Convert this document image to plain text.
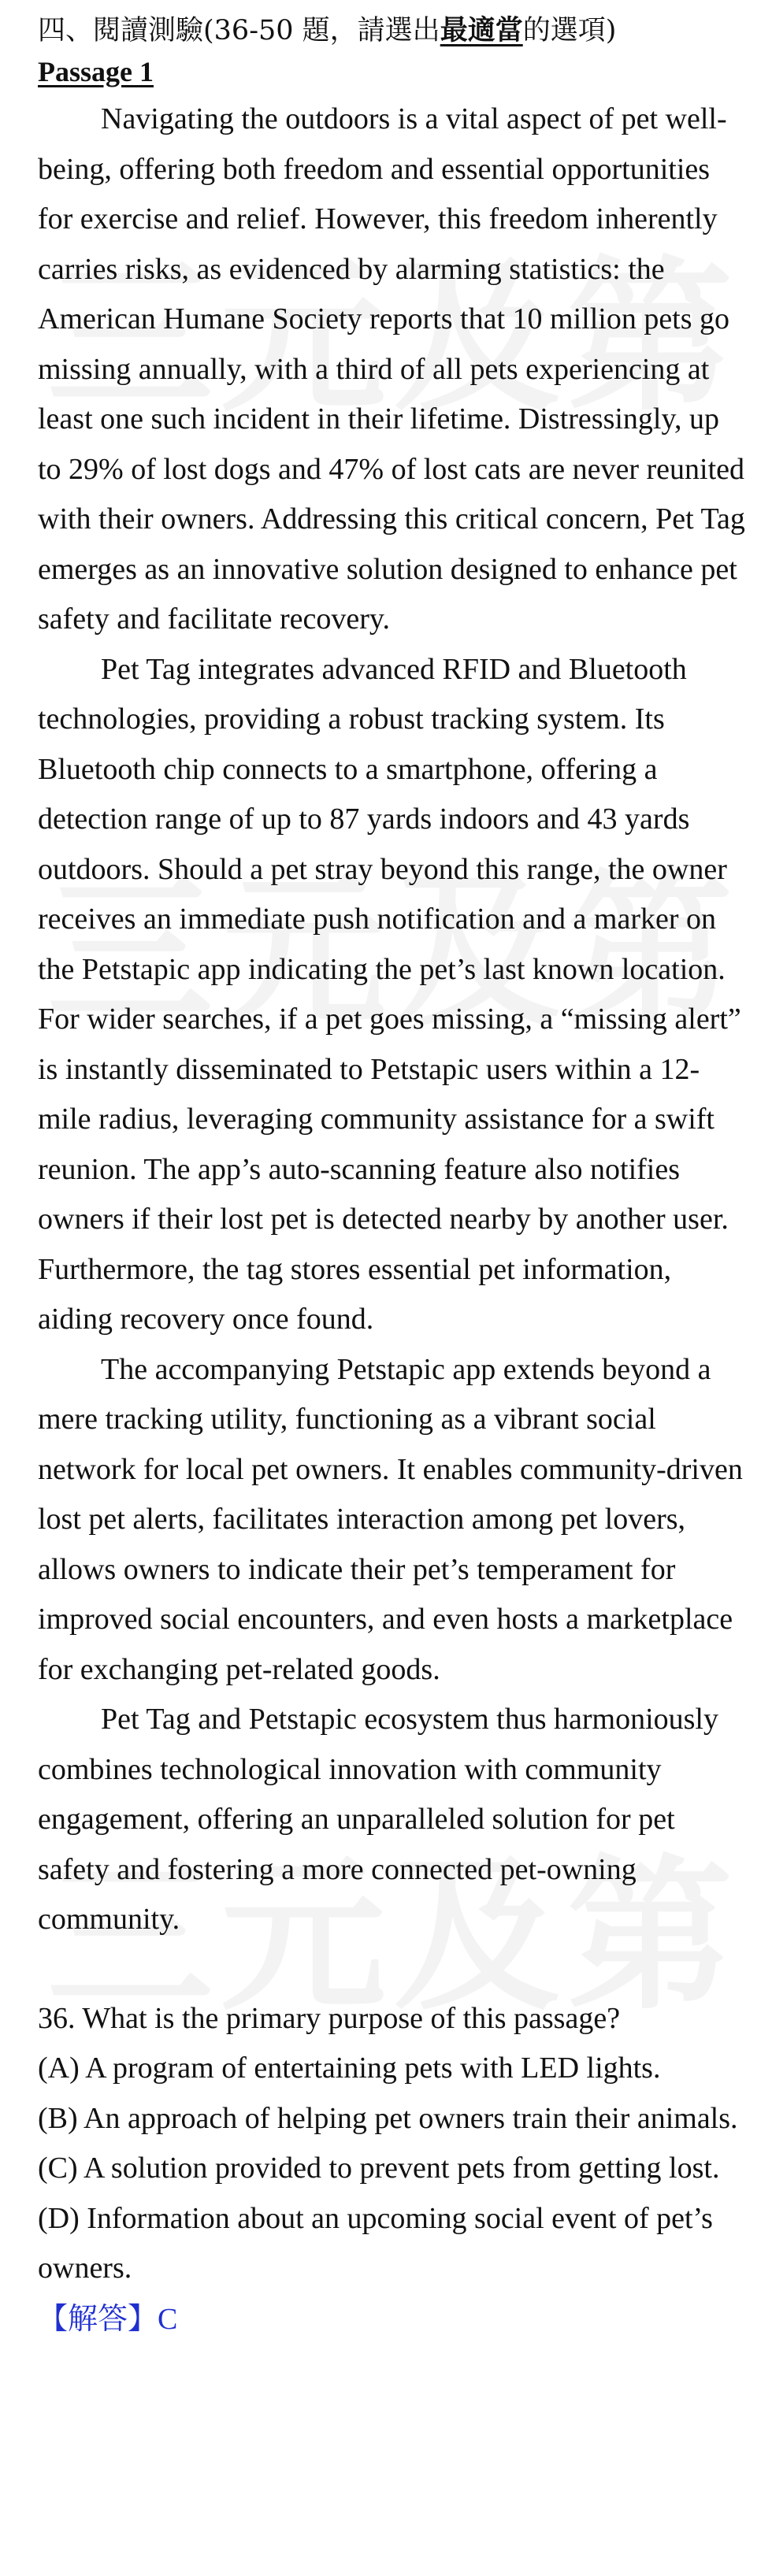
四、閱讀測驗(36-50 題，請選出最適當的選項)

Passage 1

Navigating the outdoors is a vital aspect of pet well-being, offering both freedom and essential opportunities for exercise and relief. However, this freedom inherently carries risks, as evidenced by alarming statistics: the American Humane Society reports that 10 million pets go missing annually, with a third of all pets experiencing at least one such incident in their lifetime. Distressingly, up to 29% of lost dogs and 47% of lost cats are never reunited with their owners. Addressing this critical concern, Pet Tag emerges as an innovative solution designed to enhance pet safety and facilitate recovery.

Pet Tag integrates advanced RFID and Bluetooth technologies, providing a robust tracking system. Its Bluetooth chip connects to a smartphone, offering a detection range of up to 87 yards indoors and 43 yards outdoors. Should a pet stray beyond this range, the owner receives an immediate push notification and a marker on the Petstapic app indicating the pet’s last known location. For wider searches, if a pet goes missing, a “missing alert” is instantly disseminated to Petstapic users within a 12-mile radius, leveraging community assistance for a swift reunion. The app’s auto-scanning feature also notifies owners if their lost pet is detected nearby by another user. Furthermore, the tag stores essential pet information, aiding recovery once found.

The accompanying Petstapic app extends beyond a mere tracking utility, functioning as a vibrant social network for local pet owners. It enables community-driven lost pet alerts, facilitates interaction among pet lovers, allows owners to indicate their pet’s temperament for improved social encounters, and even hosts a marketplace for exchanging pet-related goods.

Pet Tag and Petstapic ecosystem thus harmoniously combines technological innovation with community engagement, offering an unparalleled solution for pet safety and fostering a more connected pet-owning community.

36. What is the primary purpose of this passage?

(A) A program of entertaining pets with LED lights.

(B) An approach of helping pet owners train their animals.

(C) A solution provided to prevent pets from getting lost.

(D) Information about an upcoming social event of pet’s owners.

【解答】C
